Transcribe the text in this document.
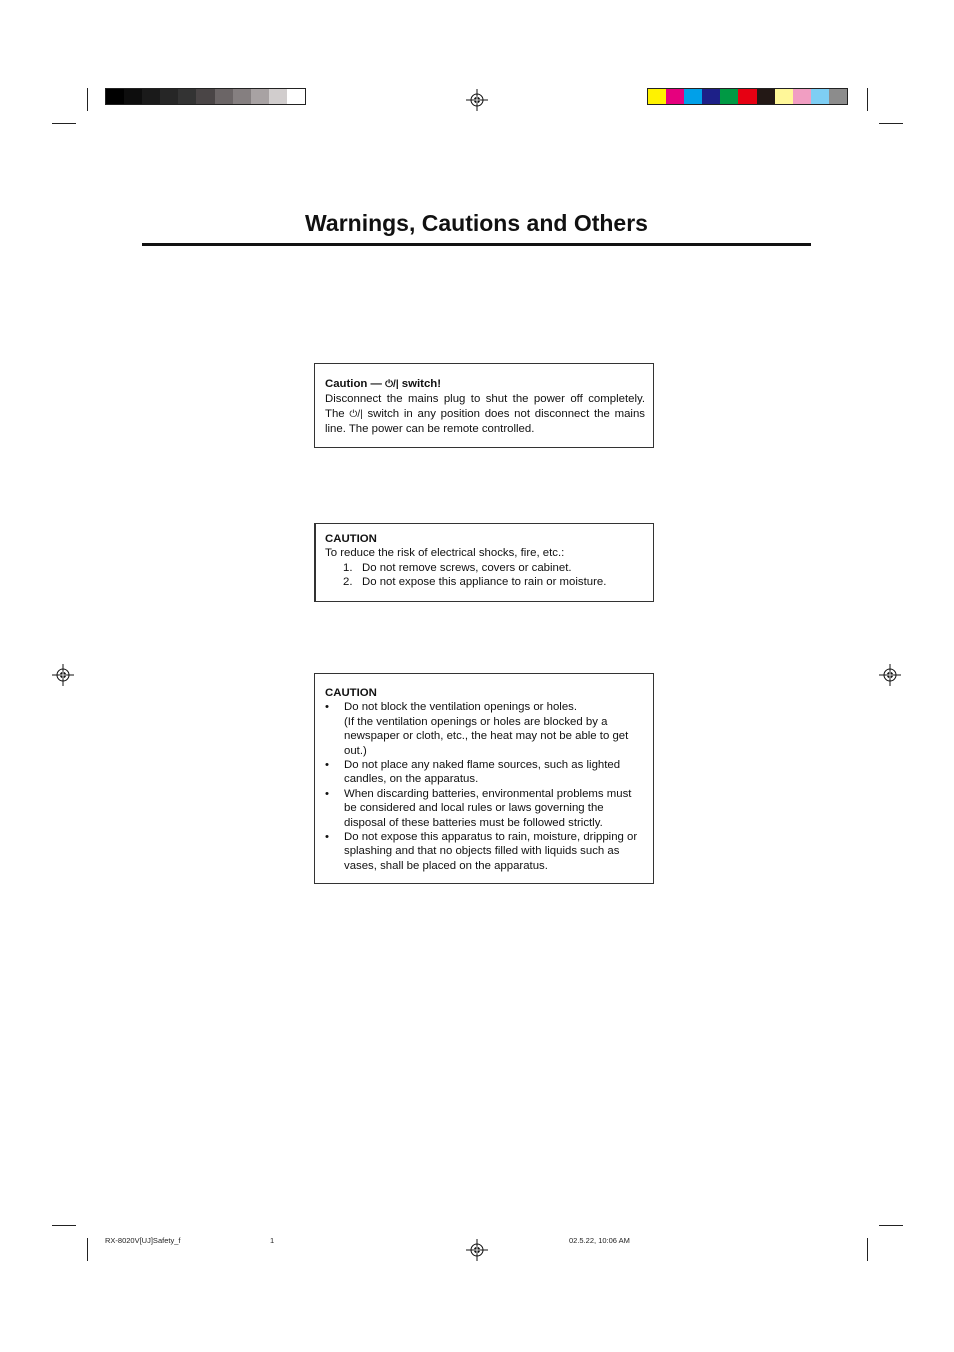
Warnings, Cautions and Others
Caution — ⏻/| switch!
Disconnect the mains plug to shut the power off completely. The ⏻/| switch in any position does not disconnect the mains line. The power can be remote controlled.
CAUTION
To reduce the risk of electrical shocks, fire, etc.:
1. Do not remove screws, covers or cabinet.
2. Do not expose this appliance to rain or moisture.
CAUTION
• Do not block the ventilation openings or holes.
(If the ventilation openings or holes are blocked by a newspaper or cloth, etc., the heat may not be able to get out.)
• Do not place any naked flame sources, such as lighted candles, on the apparatus.
• When discarding batteries, environmental problems must be considered and local rules or laws governing the disposal of these batteries must be followed strictly.
• Do not expose this apparatus to rain, moisture, dripping or splashing and that no objects filled with liquids such as vases, shall be placed on the apparatus.
RX-8020V[UJ]Safety_f	1	02.5.22, 10:06 AM
